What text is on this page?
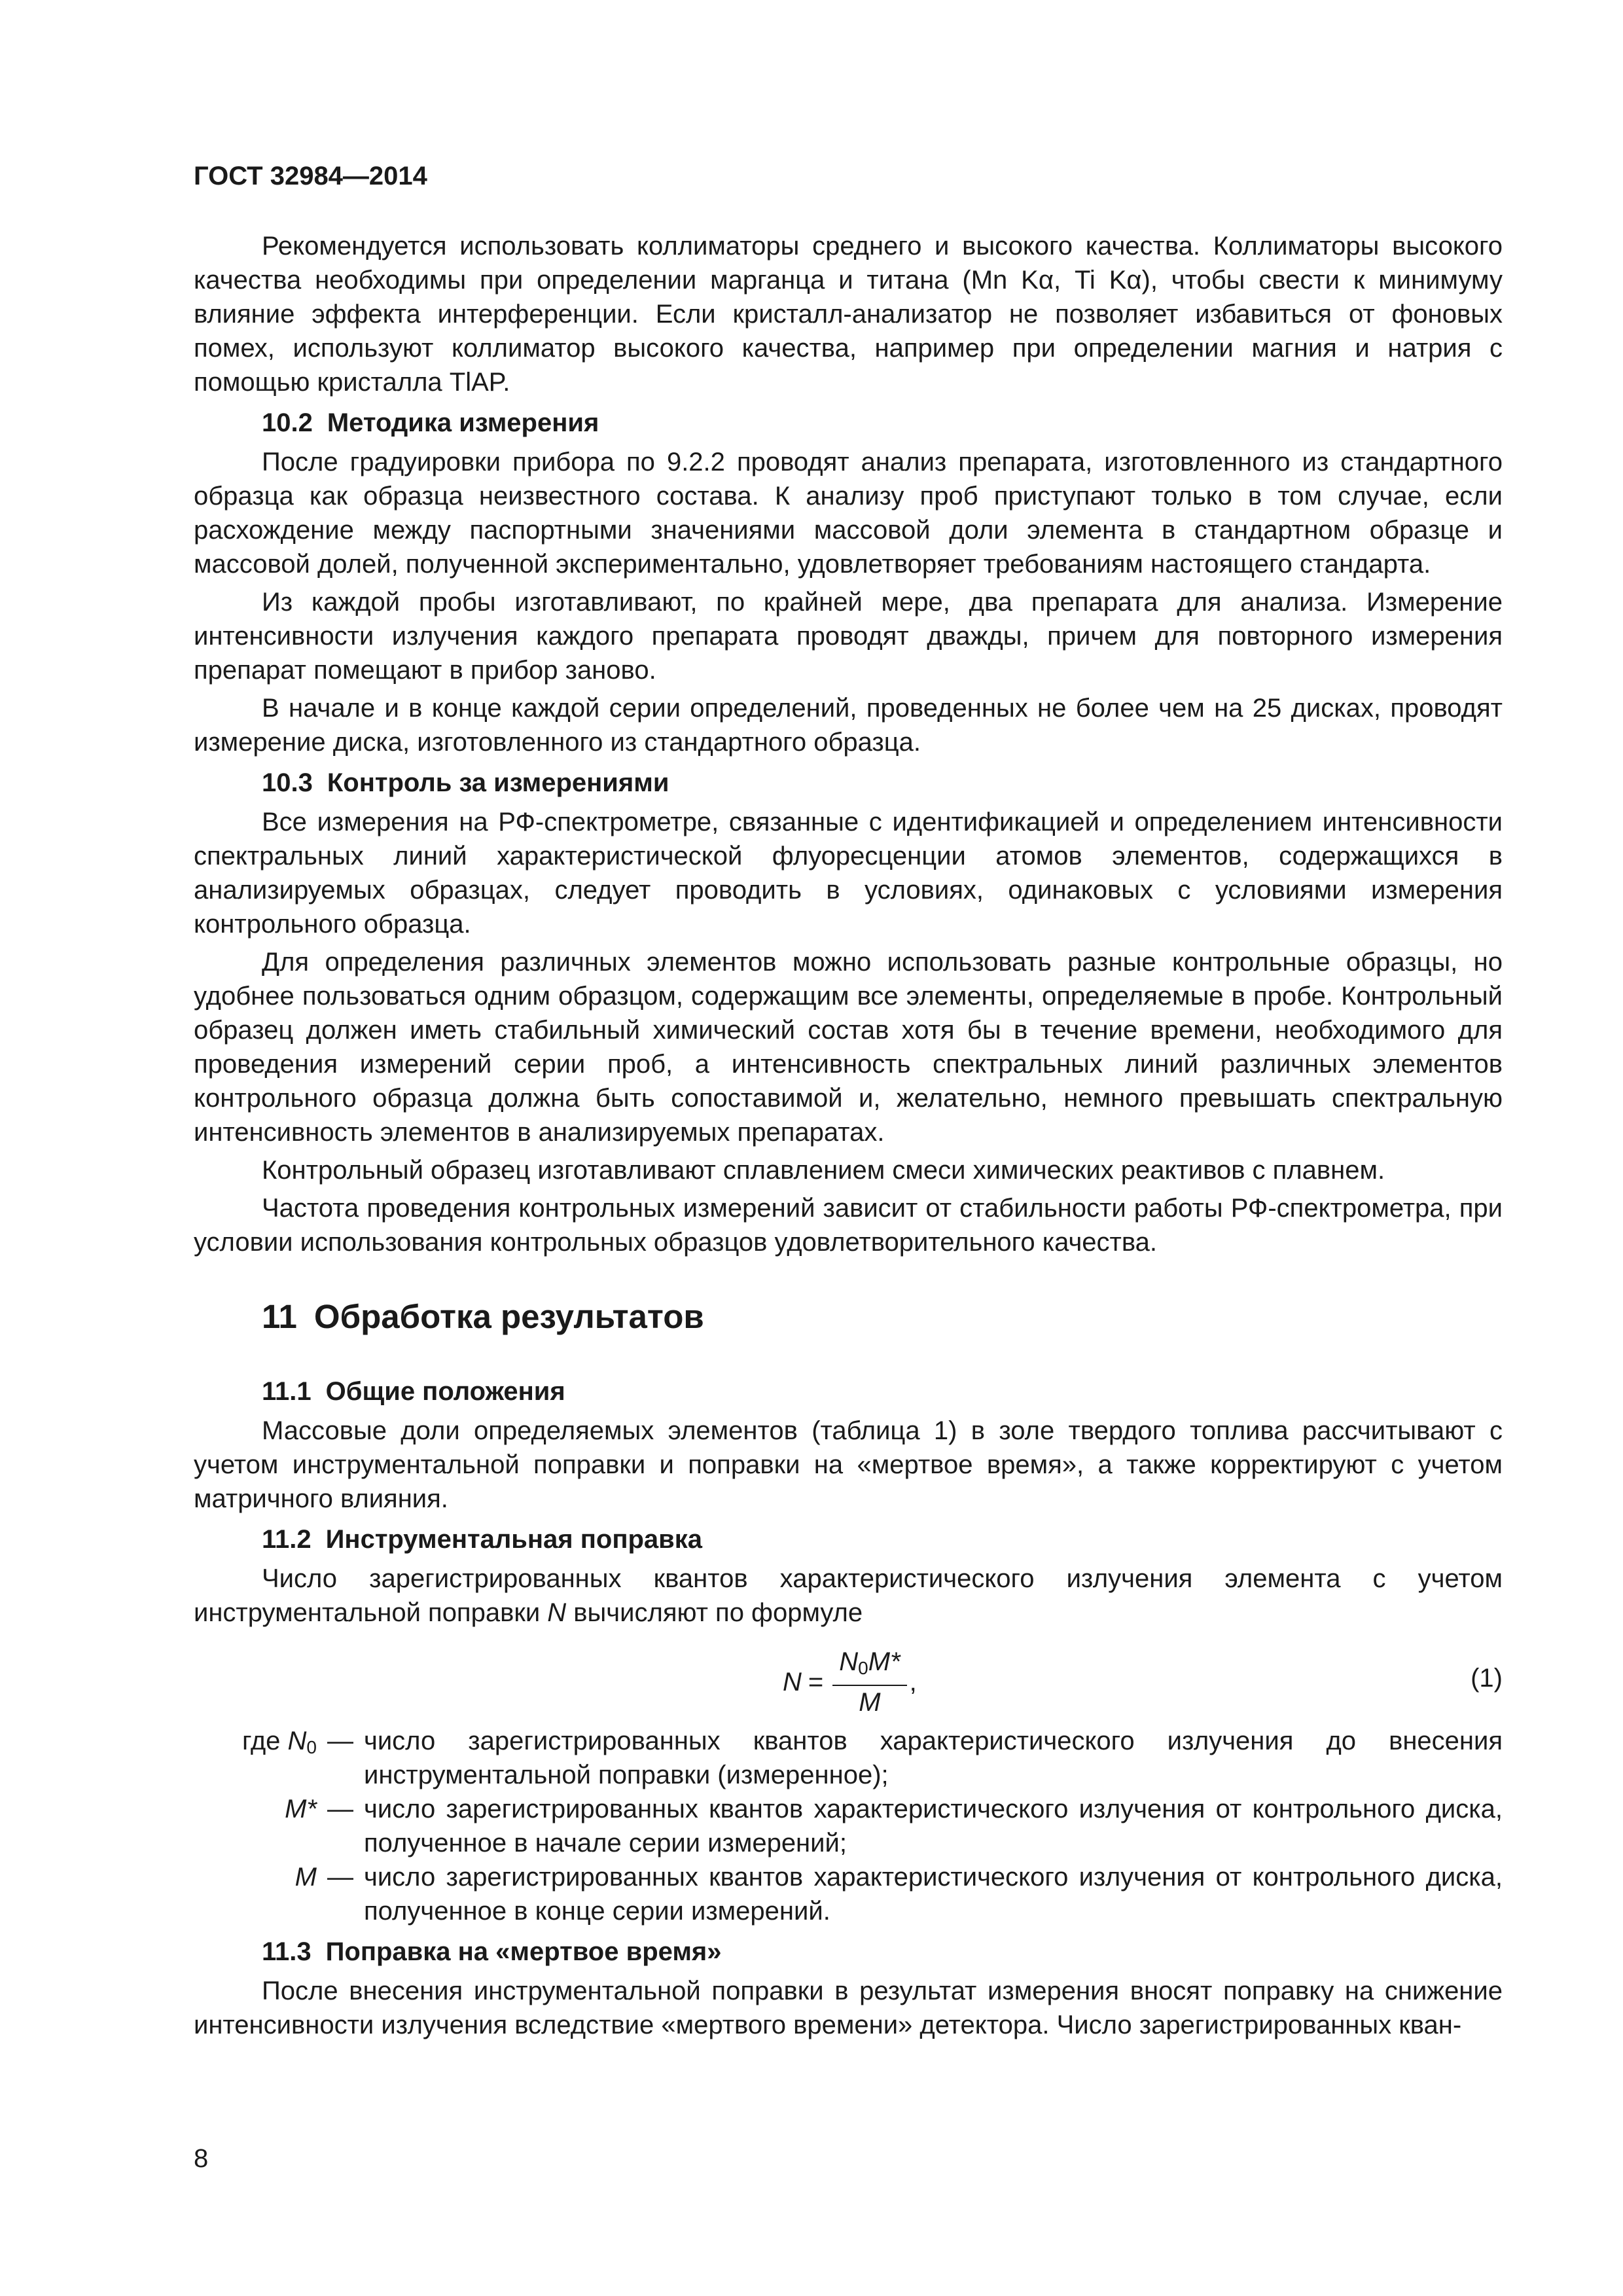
ГОСТ 32984—2014

Рекомендуется использовать коллиматоры среднего и высокого качества. Коллиматоры высокого качества необходимы при определении марганца и титана (Mn Kα, Ti Kα), чтобы свести к минимуму влияние эффекта интерференции. Если кристалл-анализатор не позволяет избавиться от фоновых помех, используют коллиматор высокого качества, например при определении магния и натрия с помощью кристалла TlAP.

10.2 Методика измерения

После градуировки прибора по 9.2.2 проводят анализ препарата, изготовленного из стандартного образца как образца неизвестного состава. К анализу проб приступают только в том случае, если расхождение между паспортными значениями массовой доли элемента в стандартном образце и массовой долей, полученной экспериментально, удовлетворяет требованиям настоящего стандарта.

Из каждой пробы изготавливают, по крайней мере, два препарата для анализа. Измерение интенсивности излучения каждого препарата проводят дважды, причем для повторного измерения препарат помещают в прибор заново.

В начале и в конце каждой серии определений, проведенных не более чем на 25 дисках, проводят измерение диска, изготовленного из стандартного образца.

10.3 Контроль за измерениями

Все измерения на РФ-спектрометре, связанные с идентификацией и определением интенсивности спектральных линий характеристической флуоресценции атомов элементов, содержащихся в анализируемых образцах, следует проводить в условиях, одинаковых с условиями измерения контрольного образца.

Для определения различных элементов можно использовать разные контрольные образцы, но удобнее пользоваться одним образцом, содержащим все элементы, определяемые в пробе. Контрольный образец должен иметь стабильный химический состав хотя бы в течение времени, необходимого для проведения измерений серии проб, а интенсивность спектральных линий различных элементов контрольного образца должна быть сопоставимой и, желательно, немного превышать спектральную интенсивность элементов в анализируемых препаратах.

Контрольный образец изготавливают сплавлением смеси химических реактивов с плавнем.

Частота проведения контрольных измерений зависит от стабильности работы РФ-спектрометра, при условии использования контрольных образцов удовлетворительного качества.

11 Обработка результатов
11.1 Общие положения

Массовые доли определяемых элементов (таблица 1) в золе твердого топлива рассчитывают с учетом инструментальной поправки и поправки на «мертвое время», а также корректируют с учетом матричного влияния.

11.2 Инструментальная поправка

Число зарегистрированных квантов характеристического излучения элемента с учетом инструментальной поправки N вычисляют по формуле

$N = \frac{N_0M*}{M}$ ,	(1)
где $N_0$ — число зарегистрированных квантов характеристического излучения до внесения инструментальной поправки (измеренное);
M* — число зарегистрированных квантов характеристического излучения от контрольного диска, полученное в начале серии измерений;
M — число зарегистрированных квантов характеристического излучения от контрольного диска, полученное в конце серии измерений.
11.3 Поправка на «мертвое время»

После внесения инструментальной поправки в результат измерения вносят поправку на снижение интенсивности излучения вследствие «мертвого времени» детектора. Число зарегистрированных кван-

8
